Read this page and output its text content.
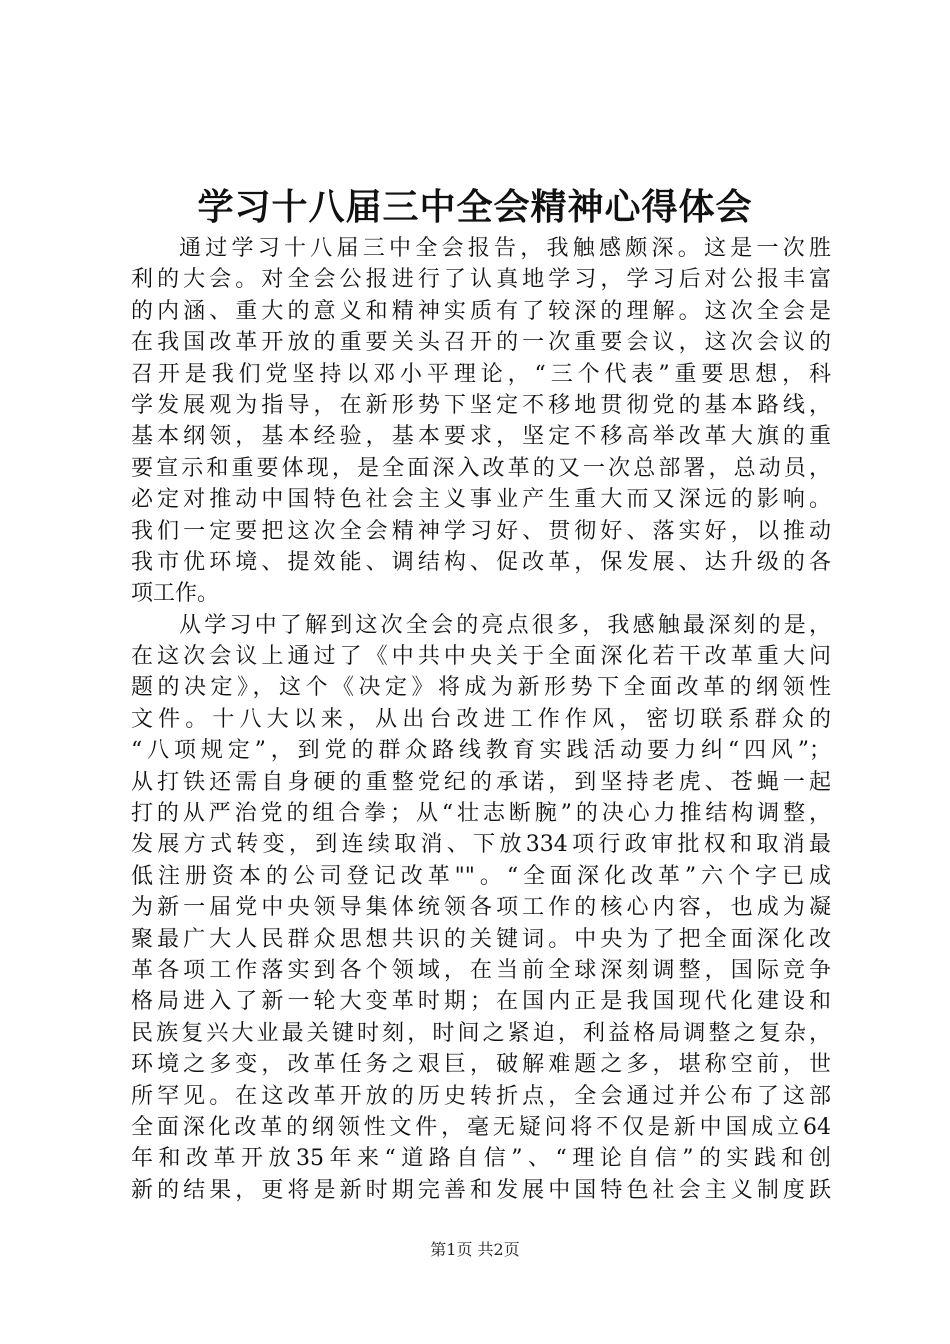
学习十八届三中全会精神心得体会
通过学习十八届三中全会报告，我触感颇深。这是一次胜
利的大会。对全会公报进行了认真地学习，学习后对公报丰富
的内涵、重大的意义和精神实质有了较深的理解。这次全会是
在我国改革开放的重要关头召开的一次重要会议，这次会议的
召开是我们党坚持以邓小平理论，“三个代表”重要思想，科
学发展观为指导，在新形势下坚定不移地贯彻党的基本路线，
基本纲领，基本经验，基本要求，坚定不移高举改革大旗的重
要宣示和重要体现，是全面深入改革的又一次总部署，总动员，
必定对推动中国特色社会主义事业产生重大而又深远的影响。
我们一定要把这次全会精神学习好、贯彻好、落实好，以推动
我市优环境、提效能、调结构、促改革，保发展、达升级的各
项工作。
从学习中了解到这次全会的亮点很多，我感触最深刻的是，
在这次会议上通过了《中共中央关于全面深化若干改革重大问
题的决定》，这个《决定》将成为新形势下全面改革的纲领性
文件。十八大以来，从出台改进工作作风，密切联系群众的
“八项规定”，到党的群众路线教育实践活动要力纠“四风”；
从打铁还需自身硬的重整党纪的承诺，到坚持老虎、苍蝇一起
打的从严治党的组合拳；从“壮志断腕”的决心力推结构调整，
发展方式转变，到连续取消、下放334项行政审批权和取消最
低注册资本的公司登记改革""。“全面深化改革”六个字已成
为新一届党中央领导集体统领各项工作的核心内容，也成为凝
聚最广大人民群众思想共识的关键词。中央为了把全面深化改
革各项工作落实到各个领域，在当前全球深刻调整，国际竞争
格局进入了新一轮大变革时期；在国内正是我国现代化建设和
民族复兴大业最关键时刻，时间之紧迫，利益格局调整之复杂，
环境之多变，改革任务之艰巨，破解难题之多，堪称空前，世
所罕见。在这改革开放的历史转折点，全会通过并公布了这部
全面深化改革的纲领性文件，毫无疑问将不仅是新中国成立64
年和改革开放35年来“道路自信”、“理论自信”的实践和创
新的结果，更将是新时期完善和发展中国特色社会主义制度跃
第1页 共2页
